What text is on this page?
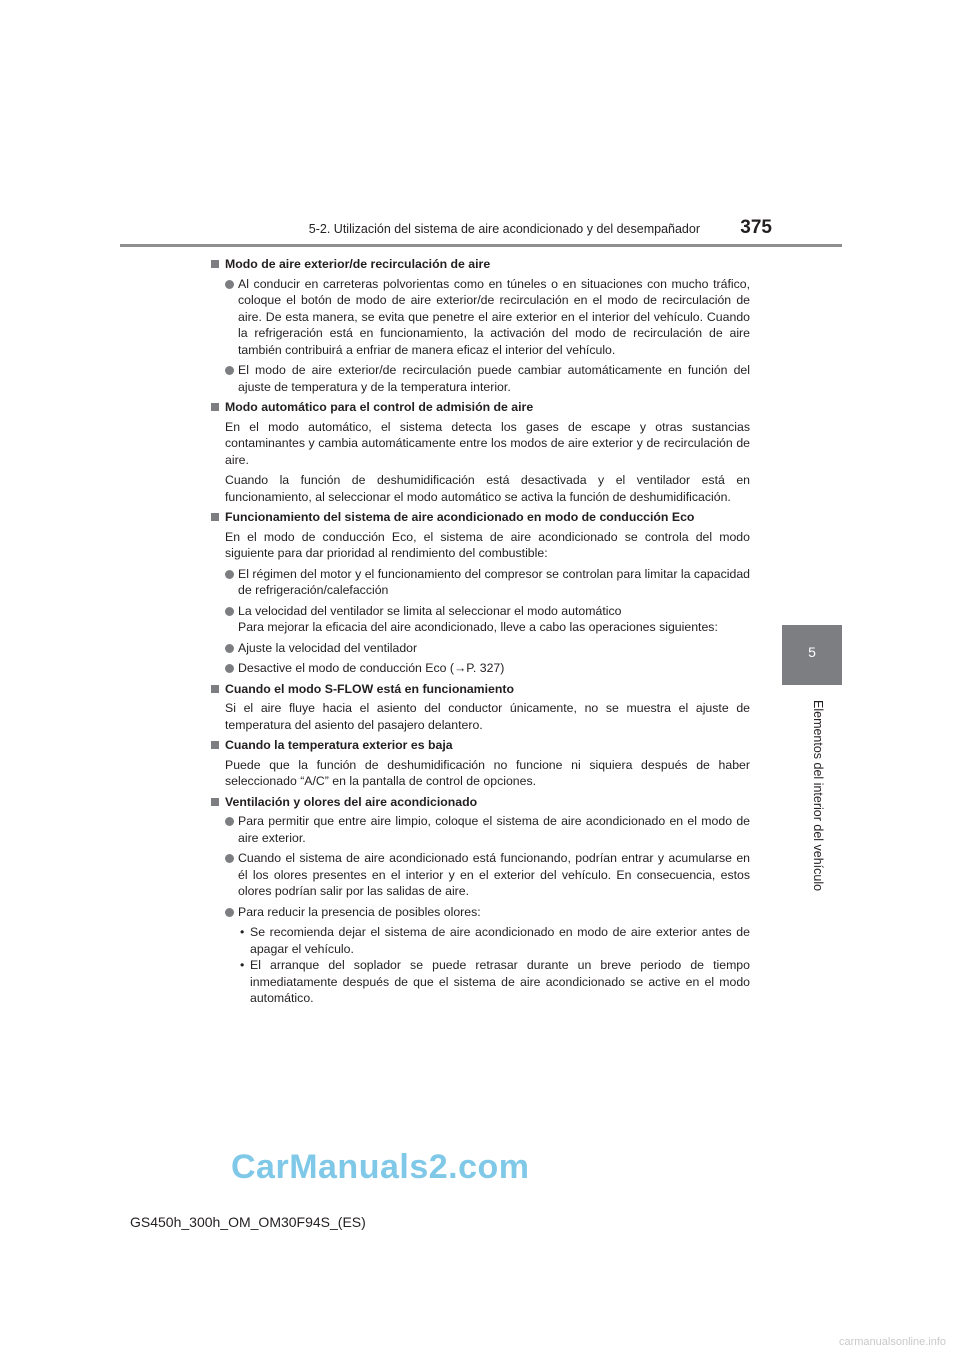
5-2. Utilización del sistema de aire acondicionado y del desempañador 375
5
Elementos del interior del vehículo
Modo de aire exterior/de recirculación de aire
Al conducir en carreteras polvorientas como en túneles o en situaciones con mucho tráfico, coloque el botón de modo de aire exterior/de recirculación en el modo de recirculación de aire. De esta manera, se evita que penetre el aire exterior en el interior del vehículo. Cuando la refrigeración está en funcionamiento, la activación del modo de recirculación de aire también contribuirá a enfriar de manera eficaz el interior del vehículo.
El modo de aire exterior/de recirculación puede cambiar automáticamente en función del ajuste de temperatura y de la temperatura interior.
Modo automático para el control de admisión de aire
En el modo automático, el sistema detecta los gases de escape y otras sustancias contaminantes y cambia automáticamente entre los modos de aire exterior y de recirculación de aire.
Cuando la función de deshumidificación está desactivada y el ventilador está en funcionamiento, al seleccionar el modo automático se activa la función de deshumidificación.
Funcionamiento del sistema de aire acondicionado en modo de conducción Eco
En el modo de conducción Eco, el sistema de aire acondicionado se controla del modo siguiente para dar prioridad al rendimiento del combustible:
El régimen del motor y el funcionamiento del compresor se controlan para limitar la capacidad de refrigeración/calefacción
La velocidad del ventilador se limita al seleccionar el modo automático
Para mejorar la eficacia del aire acondicionado, lleve a cabo las operaciones siguientes:
Ajuste la velocidad del ventilador
Desactive el modo de conducción Eco (→P. 327)
Cuando el modo S-FLOW está en funcionamiento
Si el aire fluye hacia el asiento del conductor únicamente, no se muestra el ajuste de temperatura del asiento del pasajero delantero.
Cuando la temperatura exterior es baja
Puede que la función de deshumidificación no funcione ni siquiera después de haber seleccionado “A/C” en la pantalla de control de opciones.
Ventilación y olores del aire acondicionado
Para permitir que entre aire limpio, coloque el sistema de aire acondicionado en el modo de aire exterior.
Cuando el sistema de aire acondicionado está funcionando, podrían entrar y acumularse en él los olores presentes en el interior y en el exterior del vehículo. En consecuencia, estos olores podrían salir por las salidas de aire.
Para reducir la presencia de posibles olores:
• Se recomienda dejar el sistema de aire acondicionado en modo de aire exterior antes de apagar el vehículo.
• El arranque del soplador se puede retrasar durante un breve periodo de tiempo inmediatamente después de que el sistema de aire acondicionado se active en el modo automático.
CarManuals2.com
GS450h_300h_OM_OM30F94S_(ES)
carmanualsonline.info
